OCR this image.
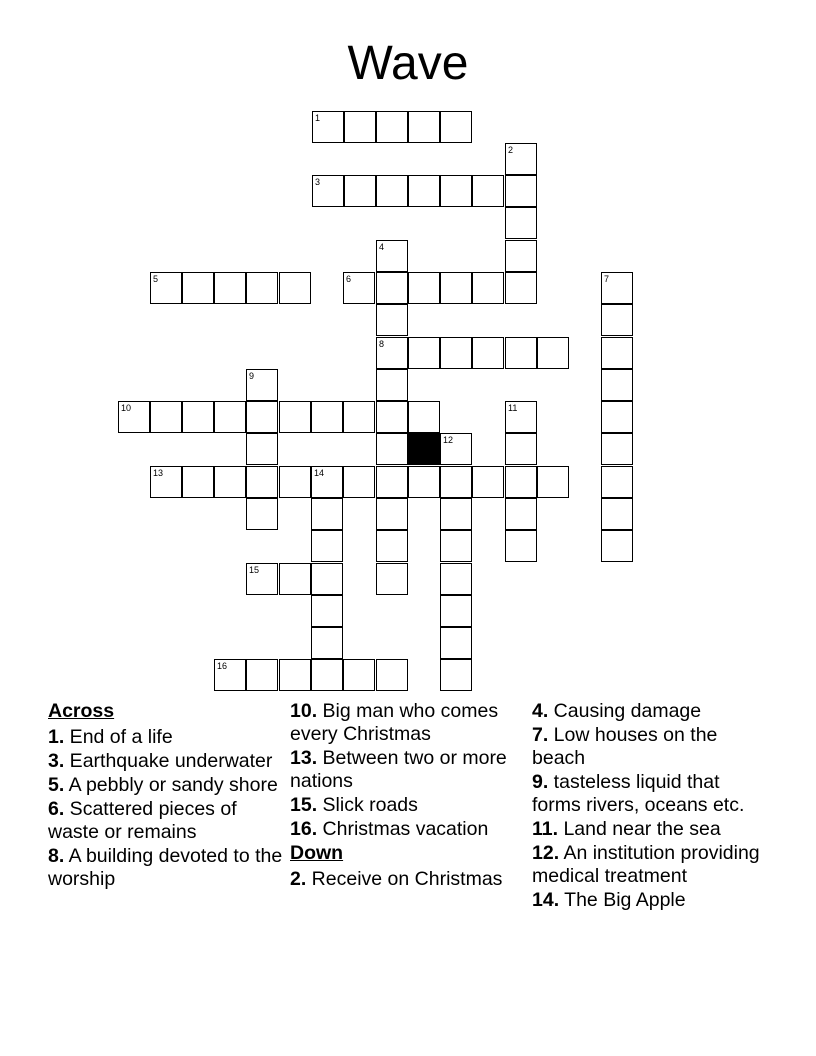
Wave
1
2
3
4
5	6	7
8
9
10	11
12
13	14
15
16
Across
1. End of a life
3. Earthquake underwater
5. A pebbly or sandy shore
6. Scattered pieces of waste or remains
8. A building devoted to the worship
10. Big man who comes every Christmas
13. Between two or more nations
15. Slick roads
16. Christmas vacation
Down
2. Receive on Christmas
4. Causing damage
7. Low houses on the beach
9. tasteless liquid that forms rivers, oceans etc.
11. Land near the sea
12. An institution providing medical treatment
14. The Big Apple
